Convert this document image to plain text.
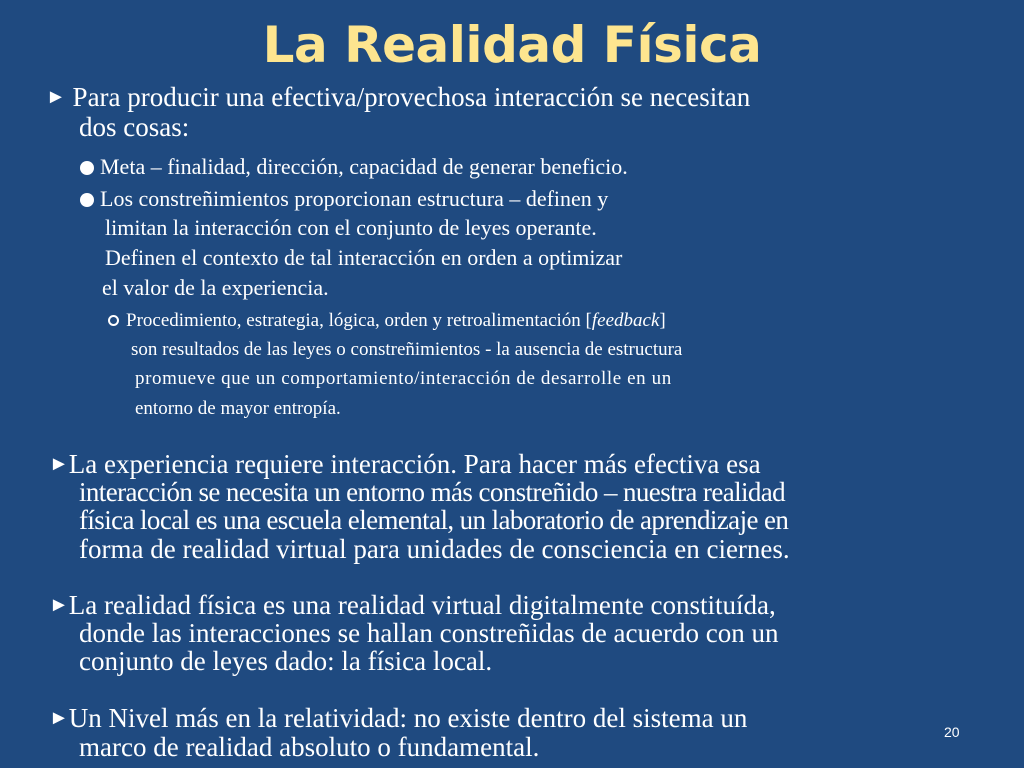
La Realidad Física
► Para producir una efectiva/provechosa interacción se necesitan
dos cosas:
Meta – finalidad, dirección, capacidad de generar beneficio.
Los constreñimientos proporcionan estructura – definen y
limitan la interacción con el conjunto de leyes operante.
Definen el contexto de tal interacción en orden a optimizar
el valor de la experiencia.
Procedimiento, estrategia, lógica, orden y retroalimentación [feedback]
son resultados de las leyes o constreñimientos - la ausencia de estructura
promueve que un comportamiento/interacción de desarrolle en un
entorno de mayor entropía.
►La experiencia requiere interacción. Para hacer más efectiva esa
interacción se necesita un entorno más constreñido – nuestra realidad
física local es una escuela elemental, un laboratorio de aprendizaje en
forma de realidad virtual para unidades de consciencia en ciernes.
►La realidad física es una realidad virtual digitalmente constituída,
donde las interacciones se hallan constreñidas de acuerdo con un
conjunto de leyes dado: la física local.
►Un Nivel más en la relatividad: no existe dentro del sistema un
marco de realidad absoluto o fundamental.	20
